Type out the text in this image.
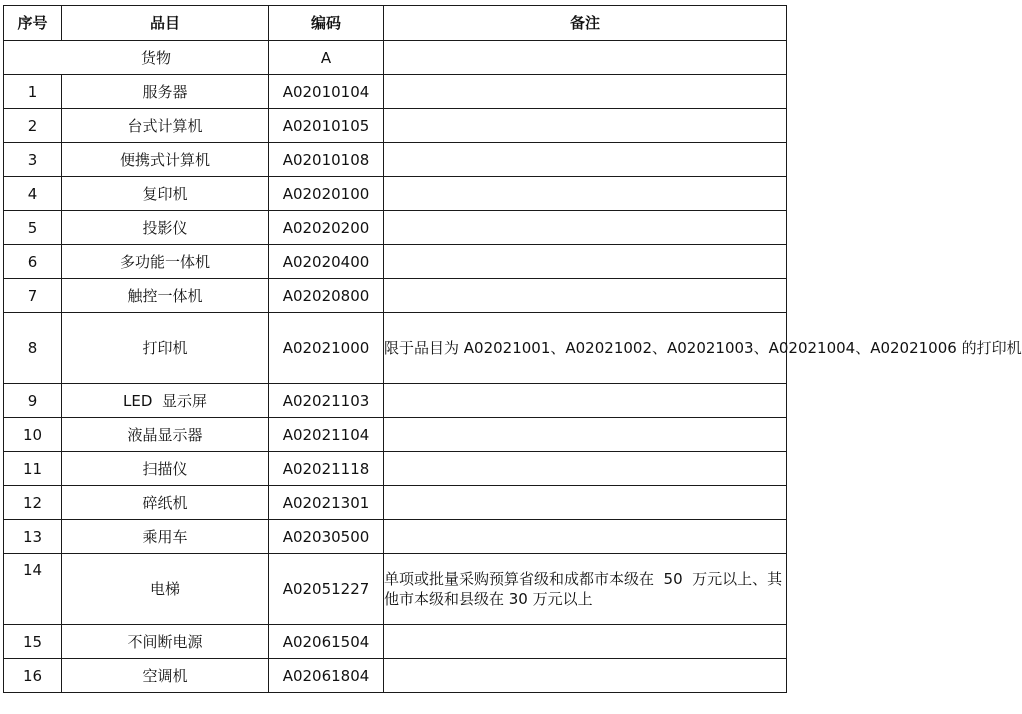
序号	品目	编码	备注
货物		A	
1	服务器	A02010104	
2	台式计算机	A02010105	
3	便携式计算机	A02010108	
4	复印机	A02020100	
5	投影仪	A02020200	
6	多功能一体机	A02020400	
7	触控一体机	A02020800	
8	打印机	A02021000	限于品目为 A02021001、A02021002、A02021003、A02021004、A02021006 的打印机
9	LED  显示屏	A02021103	
10	液晶显示器	A02021104	
11	扫描仪	A02021118	
12	碎纸机	A02021301	
13	乘用车	A02030500	
14	电梯	A02051227	单项或批量采购预算省级和成都市本级在  50  万元以上、其他市本级和县级在 30 万元以上
15	不间断电源	A02061504	
16	空调机	A02061804	
